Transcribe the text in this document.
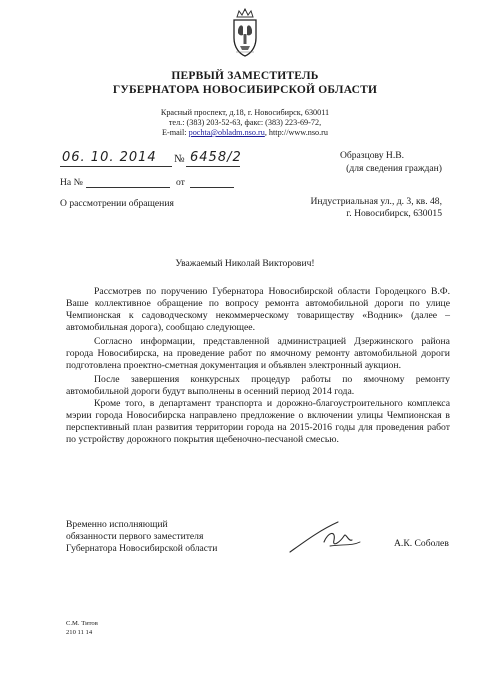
ПЕРВЫЙ ЗАМЕСТИТЕЛЬ
ГУБЕРНАТОРА НОВОСИБИРСКОЙ ОБЛАСТИ
Красный проспект, д.18, г. Новосибирск, 630011
тел.: (383) 203-52-63, факс: (383) 223-69-72,
E-mail: pochta@obladm.nso.ru, http://www.nso.ru
06. 10. 2014 № 6458/2
На №	от
О рассмотрении обращения
Образцову Н.В.
(для сведения граждан)
Индустриальная ул., д. 3, кв. 48,
г. Новосибирск, 630015
Уважаемый Николай Викторович!

Рассмотрев по поручению Губернатора Новосибирской области Городецкого В.Ф. Ваше коллективное обращение по вопросу ремонта автомобильной дороги по улице Чемпионская к садоводческому некоммерческому товариществу «Водник» (далее – автомобильная дорога), сообщаю следующее.

Согласно информации, представленной администрацией Дзержинского района города Новосибирска, на проведение работ по ямочному ремонту автомобильной дороги подготовлена проектно-сметная документация и объявлен электронный аукцион.

После завершения конкурсных процедур работы по ямочному ремонту автомобильной дороги будут выполнены в осенний период 2014 года.

Кроме того, в департамент транспорта и дорожно-благоустроительного комплекса мэрии города Новосибирска направлено предложение о включении улицы Чемпионская в перспективный план развития территории города на 2015-2016 годы для проведения работ по устройству дорожного покрытия щебеночно-песчаной смесью.

Временно исполняющий
обязанности первого заместителя
Губернатора Новосибирской области	А.К. Соболев
С.М. Титов
210 11 14
